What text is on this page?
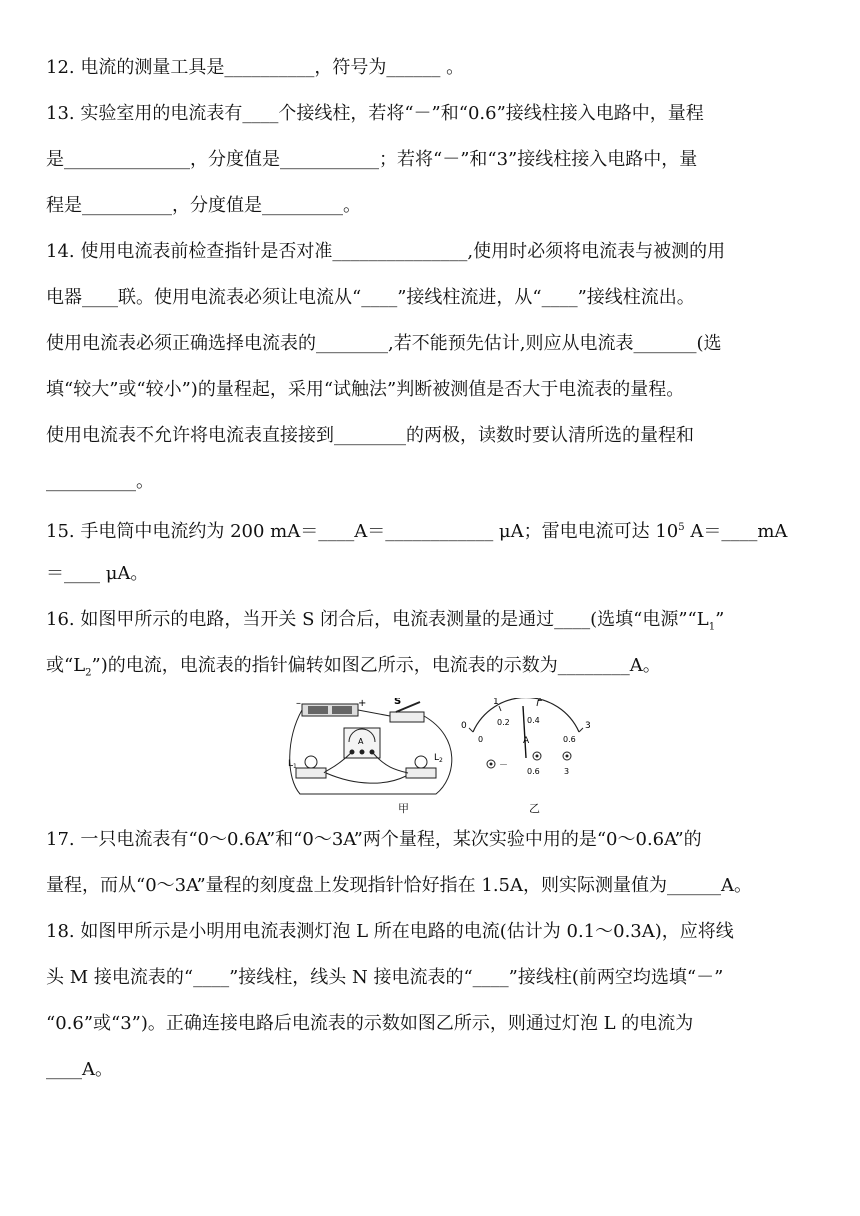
12. 电流的测量工具是__________，符号为______ 。

13. 实验室用的电流表有____个接线柱，若将“－”和“0.6”接线柱接入电路中，量程

是______________，分度值是___________；若将“－”和“3”接线柱接入电路中，量

程是__________，分度值是_________。

14. 使用电流表前检查指针是否对准_______________,使用时必须将电流表与被测的用

电器____联。使用电流表必须让电流从“____”接线柱流进，从“____”接线柱流出。

使用电流表必须正确选择电流表的________,若不能预先估计,则应从电流表_______(选

填“较大”或“较小”)的量程起，采用“试触法”判断被测值是否大于电流表的量程。

使用电流表不允许将电流表直接接到________的两极，读数时要认清所选的量程和

__________。

15. 手电筒中电流约为 200 mA＝____A＝____________ μA；雷电电流可达 $10^5$ A＝____mA

＝____ μA。

16. 如图甲所示的电路，当开关 S 闭合后，电流表测量的是通过____(选填“电源$”“L_1$”

或“$L_2$”)的电流，电流表的指针偏转如图乙所示，电流表的示数为________A。

–	+	S
A
$L_1$
$L_2$
甲
0
1	2
3
0
0.2 0.4
0.6
A
－
0.6	3
乙

17. 一只电流表有“0～0.6A”和“0～3A”两个量程，某次实验中用的是“0～0.6A”的

量程，而从“0～3A”量程的刻度盘上发现指针恰好指在 1.5A，则实际测量值为______A。

18. 如图甲所示是小明用电流表测灯泡 L 所在电路的电流(估计为 0.1～0.3A)，应将线

头 M 接电流表的“____”接线柱，线头 N 接电流表的“____”接线柱(前两空均选填“－”

“0.6”或“3”)。正确连接电路后电流表的示数如图乙所示，则通过灯泡 L 的电流为

____A。
